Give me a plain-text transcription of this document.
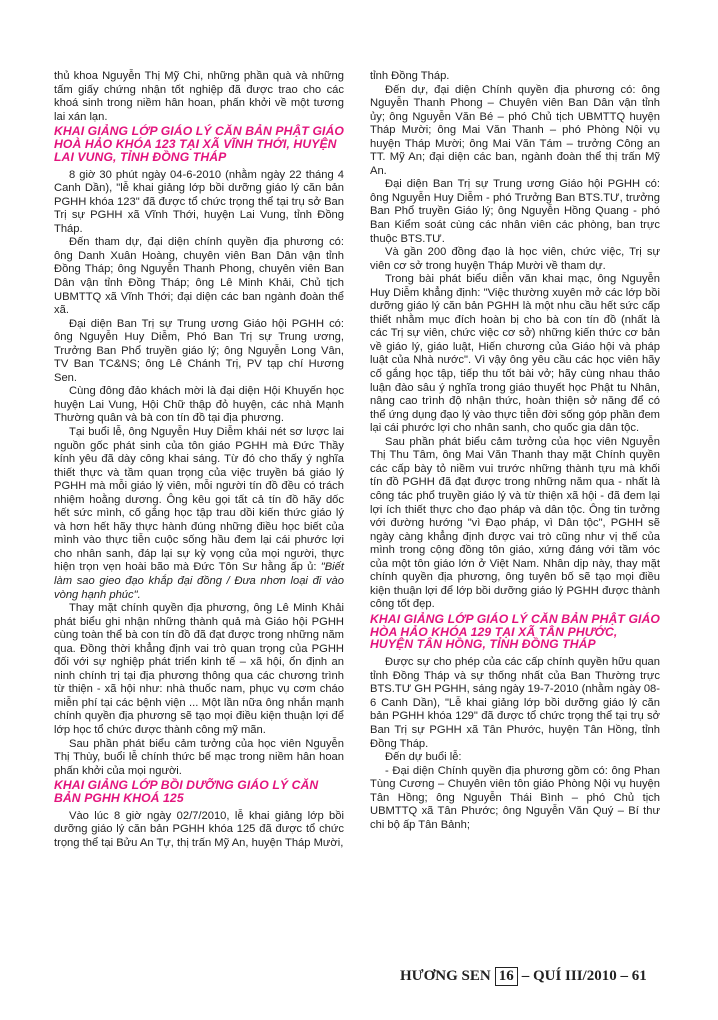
thủ khoa Nguyễn Thị Mỹ Chi, những phần quà và những tấm giấy chứng nhận tốt nghiệp đã được trao cho các khoá sinh trong niềm hân hoan, phấn khởi về một tương lai xán lạn.

KHAI GIẢNG LỚP GIÁO LÝ CĂN BẢN PHẬT GIÁO HOÀ HẢO KHÓA 123 TẠI XÃ VĨNH THỚI, HUYỆN LAI VUNG, TỈNH ĐỒNG THÁP

8 giờ 30 phút ngày 04-6-2010 (nhằm ngày 22 tháng 4 Canh Dần), "lễ khai giảng lớp bồi dưỡng giáo lý căn bản PGHH khóa 123" đã được tổ chức trọng thể tại trụ sở Ban Trị sự PGHH xã Vĩnh Thới, huyện Lai Vung, tỉnh Đồng Tháp.

Đến tham dự, đại diện chính quyền địa phương có: ông Danh Xuân Hoàng, chuyên viên Ban Dân vận tỉnh Đồng Tháp; ông Nguyễn Thanh Phong, chuyên viên Ban Dân vận tỉnh Đồng Tháp; ông Lê Minh Khải, Chủ tịch UBMTTQ xã Vĩnh Thới; đại diện các ban ngành đoàn thể xã.

Đại diện Ban Trị sự Trung ương Giáo hội PGHH có: ông Nguyễn Huy Diễm, Phó Ban Trị sự Trung ương, Trưởng Ban Phổ truyền giáo lý; ông Nguyễn Long Vân, TV Ban TC&NS; ông Lê Chánh Trị, PV tạp chí Hương Sen.

Cùng đông đảo khách mời là đại diện Hội Khuyến học huyện Lai Vung, Hội Chữ thập đỏ huyện, các nhà Mạnh Thường quân và bà con tín đồ tại địa phương.

Tại buổi lễ, ông Nguyễn Huy Diễm khái nét sơ lược lai nguồn gốc phát sinh của tôn giáo PGHH mà Đức Thầy kính yêu đã dày công khai sáng. Từ đó cho thấy ý nghĩa thiết thực và tầm quan trọng của việc truyền bá giáo lý PGHH mà mỗi giáo lý viên, mỗi người tín đồ đều có trách nhiệm hoằng dương. Ông kêu gọi tất cả tín đồ hãy dốc hết sức mình, cố gắng học tập trau dồi kiến thức giáo lý và hơn hết hãy thực hành đúng những điều học biết của mình vào thực tiễn cuộc sống hầu đem lại cái phước lợi cho nhân sanh, đáp lại sự kỳ vọng của mọi người, thực hiện trọn vẹn hoài bão mà Đức Tôn Sư hằng ấp ủ: "Biết làm sao gieo đạo khắp đại đồng / Đưa nhơn loại đi vào vòng hạnh phúc".

Thay mặt chính quyền địa phương, ông Lê Minh Khải phát biểu ghi nhận những thành quả mà Giáo hội PGHH cùng toàn thể bà con tín đồ đã đạt được trong những năm qua. Đồng thời khẳng định vai trò quan trọng của PGHH đối với sự nghiệp phát triển kinh tế – xã hội, ổn định an ninh chính trị tại địa phương thông qua các chương trình từ thiện - xã hội như: nhà thuốc nam, phục vụ cơm cháo miễn phí tại các bệnh viện ... Một lần nữa ông nhắn mạnh chính quyền địa phương sẽ tạo mọi điều kiện thuận lợi để lớp học tổ chức được thành công mỹ mãn.

Sau phần phát biểu cảm tưởng của học viên Nguyễn Thị Thùy, buổi lễ chính thức bế mạc trong niềm hân hoan phấn khởi của mọi người.

KHAI GIẢNG LỚP BỒI DƯỠNG GIÁO LÝ CĂN BẢN PGHH KHOÁ 125

Vào lúc 8 giờ ngày 02/7/2010, lễ khai giảng lớp bồi dưỡng giáo lý căn bản PGHH khóa 125 đã được tổ chức trọng thể tại Bửu An Tự, thị trấn Mỹ An, huyện Tháp Mười,

tỉnh Đồng Tháp.

Đến dự, đại diện Chính quyền địa phương có: ông Nguyễn Thanh Phong – Chuyên viên Ban Dân vận tỉnh ủy; ông Nguyễn Văn Bé – phó Chủ tịch UBMTTQ huyện Tháp Mười; ông Mai Văn Thanh – phó Phòng Nội vụ huyện Tháp Mười; ông Mai Văn Tám – trưởng Công an TT. Mỹ An; đại diện các ban, ngành đoàn thể thị trấn Mỹ An.

Đại diện Ban Trị sự Trung ương Giáo hội PGHH có: ông Nguyễn Huy Diễm - phó Trưởng Ban BTS.TƯ, trưởng Ban Phổ truyền Giáo lý; ông Nguyễn Hồng Quang - phó Ban Kiểm soát cùng các nhân viên các phòng, ban trực thuộc BTS.TƯ.

Và gần 200 đồng đạo là học viên, chức việc, Trị sự viên cơ sở trong huyện Tháp Mười về tham dự.

Trong bài phát biểu diễn văn khai mạc, ông Nguyễn Huy Diễm khẳng định: "Việc thường xuyên mở các lớp bồi dưỡng giáo lý căn bản PGHH là một nhu cầu hết sức cấp thiết nhằm mục đích hoàn bị cho bà con tín đồ (nhất là các Trị sự viên, chức việc cơ sở) những kiến thức cơ bản về giáo lý, giáo luật, Hiến chương của Giáo hội và pháp luật của Nhà nước". Vì vậy ông yêu cầu các học viên hãy cố gắng học tập, tiếp thu tốt bài vở; hãy cùng nhau thảo luận đào sâu ý nghĩa trong giáo thuyết học Phật tu Nhân, nâng cao trình độ nhận thức, hoàn thiện sở năng để có thể ứng dụng đạo lý vào thực tiễn đời sống góp phần đem lại cái phước lợi cho nhân sanh, cho quốc gia dân tộc.

Sau phần phát biểu cảm tưởng của học viên Nguyễn Thị Thu Tâm, ông Mai Văn Thanh thay mặt Chính quyền các cấp bày tỏ niềm vui trước những thành tựu mà khối tín đồ PGHH đã đạt được trong những năm qua - nhất là công tác phổ truyền giáo lý và từ thiện xã hội - đã đem lại lợi ích thiết thực cho đạo pháp và dân tộc. Ông tin tưởng với đường hướng "vì Đạo pháp, vì Dân tộc", PGHH sẽ ngày càng khẳng định được vai trò cũng như vị thế của mình trong cộng đồng tôn giáo, xứng đáng với tầm vóc của một tôn giáo lớn ở Việt Nam. Nhân dịp này, thay mặt chính quyền địa phương, ông tuyên bố sẽ tạo mọi điều kiện thuận lợi để lớp bồi dưỡng giáo lý PGHH được thành công tốt đẹp.

KHAI GIẢNG LỚP GIÁO LÝ CĂN BẢN PHẬT GIÁO HÒA HẢO KHÓA 129 TẠI XÃ TÂN PHƯỚC, HUYỆN TÂN HỒNG, TỈNH ĐỒNG THÁP

Được sự cho phép của các cấp chính quyền hữu quan tỉnh Đồng Tháp và sự thống nhất của Ban Thường trực BTS.TƯ GH PGHH, sáng ngày 19-7-2010 (nhằm ngày 08-6 Canh Dần), "Lễ khai giảng lớp bồi dưỡng giáo lý căn bản PGHH khóa 129" đã được tổ chức trọng thể tại trụ sở Ban Trị sự PGHH xã Tân Phước, huyện Tân Hồng, tỉnh Đồng Tháp.

Đến dự buổi lễ:

- Đại diện Chính quyền địa phương gồm có: ông Phan Tùng Cương – Chuyên viên tôn giáo Phòng Nội vụ huyện Tân Hồng; ông Nguyễn Thái Bình – phó Chủ tịch UBMTTQ xã Tân Phước; ông Nguyễn Văn Quý – Bí thư chi bộ ấp Tân Bảnh;

HƯƠNG SEN 16 – QUÍ III/2010 – 61
